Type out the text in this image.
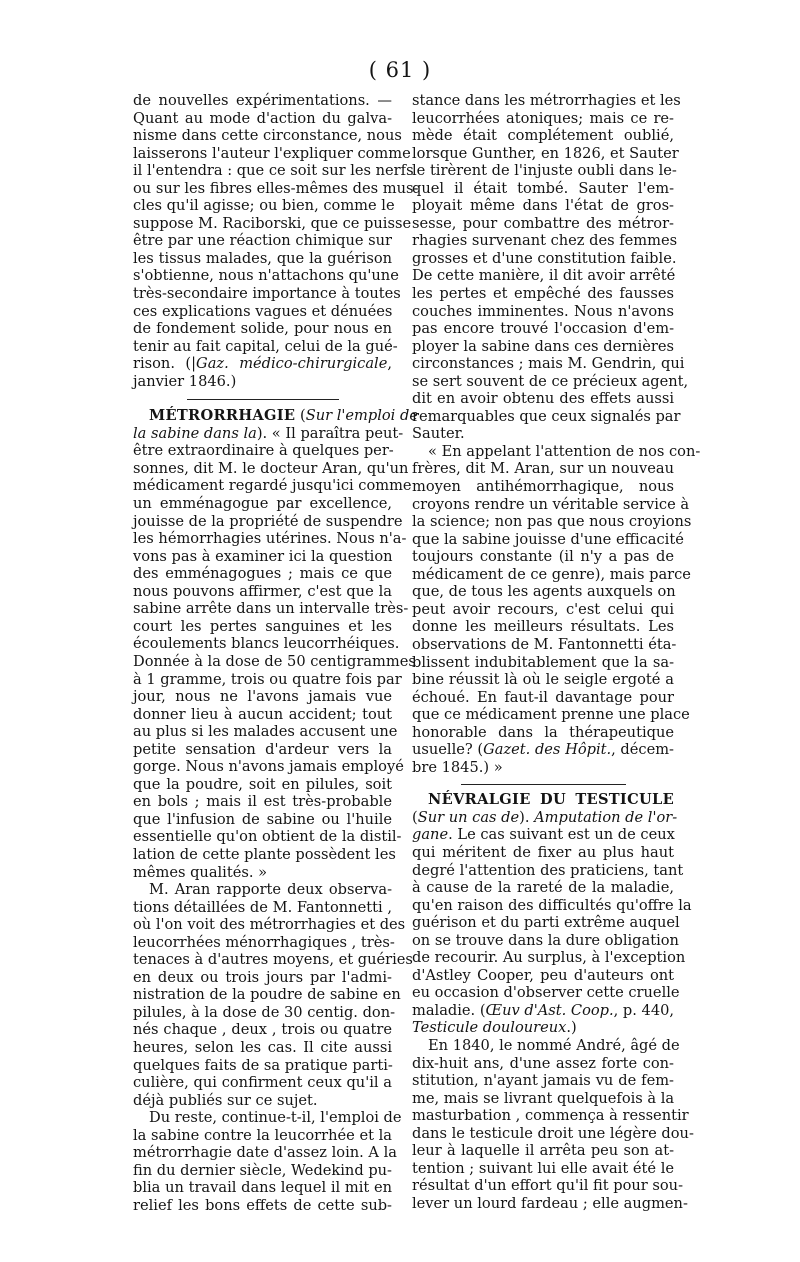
( 61 )
de nouvelles expérimentations. —
Quant au mode d'action du galva-
nisme dans cette circonstance, nous
laisserons l'auteur l'expliquer comme
il l'entendra : que ce soit sur les nerfs
ou sur les fibres elles-mêmes des mus-
cles qu'il agisse; ou bien, comme le
suppose M. Raciborski, que ce puisse
être par une réaction chimique sur
les tissus malades, que la guérison
s'obtienne, nous n'attachons qu'une
très-secondaire importance à toutes
ces explications vagues et dénuées
de fondement solide, pour nous en
tenir au fait capital, celui de la gué-
rison. (|Gaz. médico-chirurgicale,
janvier 1846.)
MÉTRORRHAGIE (Sur l'emploi de
la sabine dans la). « Il paraîtra peut-
être extraordinaire à quelques per-
sonnes, dit M. le docteur Aran, qu'un
médicament regardé jusqu'ici comme
un emménagogue par excellence,
jouisse de la propriété de suspendre
les hémorrhagies utérines. Nous n'a-
vons pas à examiner ici la question
des emménagogues ; mais ce que
nous pouvons affirmer, c'est que la
sabine arrête dans un intervalle très-
court les pertes sanguines et les
écoulements blancs leucorrhéiques.
Donnée à la dose de 50 centigrammes
à 1 gramme, trois ou quatre fois par
jour, nous ne l'avons jamais vue
donner lieu à aucun accident; tout
au plus si les malades accusent une
petite sensation d'ardeur vers la
gorge. Nous n'avons jamais employé
que la poudre, soit en pilules, soit
en bols ; mais il est très-probable
que l'infusion de sabine ou l'huile
essentielle qu'on obtient de la distil-
lation de cette plante possèdent les
mêmes qualités. »
M. Aran rapporte deux observa-
tions détaillées de M. Fantonnetti ,
où l'on voit des métrorrhagies et des
leucorrhées ménorrhagiques , très-
tenaces à d'autres moyens, et guéries
en deux ou trois jours par l'admi-
nistration de la poudre de sabine en
pilules, à la dose de 30 centig. don-
nés chaque , deux , trois ou quatre
heures, selon les cas. Il cite aussi
quelques faits de sa pratique parti-
culière, qui confirment ceux qu'il a
déjà publiés sur ce sujet.
Du reste, continue-t-il, l'emploi de
la sabine contre la leucorrhée et la
métrorrhagie date d'assez loin. A la
fin du dernier siècle, Wedekind pu-
blia un travail dans lequel il mit en
relief les bons effets de cette sub-
stance dans les métrorrhagies et les
leucorrhées atoniques; mais ce re-
mède était complétement oublié,
lorsque Gunther, en 1826, et Sauter
le tirèrent de l'injuste oubli dans le-
quel il était tombé. Sauter l'em-
ployait même dans l'état de gros-
sesse, pour combattre des métror-
rhagies survenant chez des femmes
grosses et d'une constitution faible.
De cette manière, il dit avoir arrêté
les pertes et empêché des fausses
couches imminentes. Nous n'avons
pas encore trouvé l'occasion d'em-
ployer la sabine dans ces dernières
circonstances ; mais M. Gendrin, qui
se sert souvent de ce précieux agent,
dit en avoir obtenu des effets aussi
remarquables que ceux signalés par
Sauter.
« En appelant l'attention de nos con-
frères, dit M. Aran, sur un nouveau
moyen antihémorrhagique, nous
croyons rendre un véritable service à
la science; non pas que nous croyions
que la sabine jouisse d'une efficacité
toujours constante (il n'y a pas de
médicament de ce genre), mais parce
que, de tous les agents auxquels on
peut avoir recours, c'est celui qui
donne les meilleurs résultats. Les
observations de M. Fantonnetti éta-
blissent indubitablement que la sa-
bine réussit là où le seigle ergoté a
échoué. En faut-il davantage pour
que ce médicament prenne une place
honorable dans la thérapeutique
usuelle? (Gazet. des Hôpit., décem-
bre 1845.) »
NÉVRALGIE DU TESTICULE
(Sur un cas de). Amputation de l'or-
gane. Le cas suivant est un de ceux
qui méritent de fixer au plus haut
degré l'attention des praticiens, tant
à cause de la rareté de la maladie,
qu'en raison des difficultés qu'offre la
guérison et du parti extrême auquel
on se trouve dans la dure obligation
de recourir. Au surplus, à l'exception
d'Astley Cooper, peu d'auteurs ont
eu occasion d'observer cette cruelle
maladie. (Œuv d'Ast. Coop., p. 440,
Testicule douloureux.)
En 1840, le nommé André, âgé de
dix-huit ans, d'une assez forte con-
stitution, n'ayant jamais vu de fem-
me, mais se livrant quelquefois à la
masturbation , commença à ressentir
dans le testicule droit une légère dou-
leur à laquelle il arrêta peu son at-
tention ; suivant lui elle avait été le
résultat d'un effort qu'il fit pour sou-
lever un lourd fardeau ; elle augmen-
